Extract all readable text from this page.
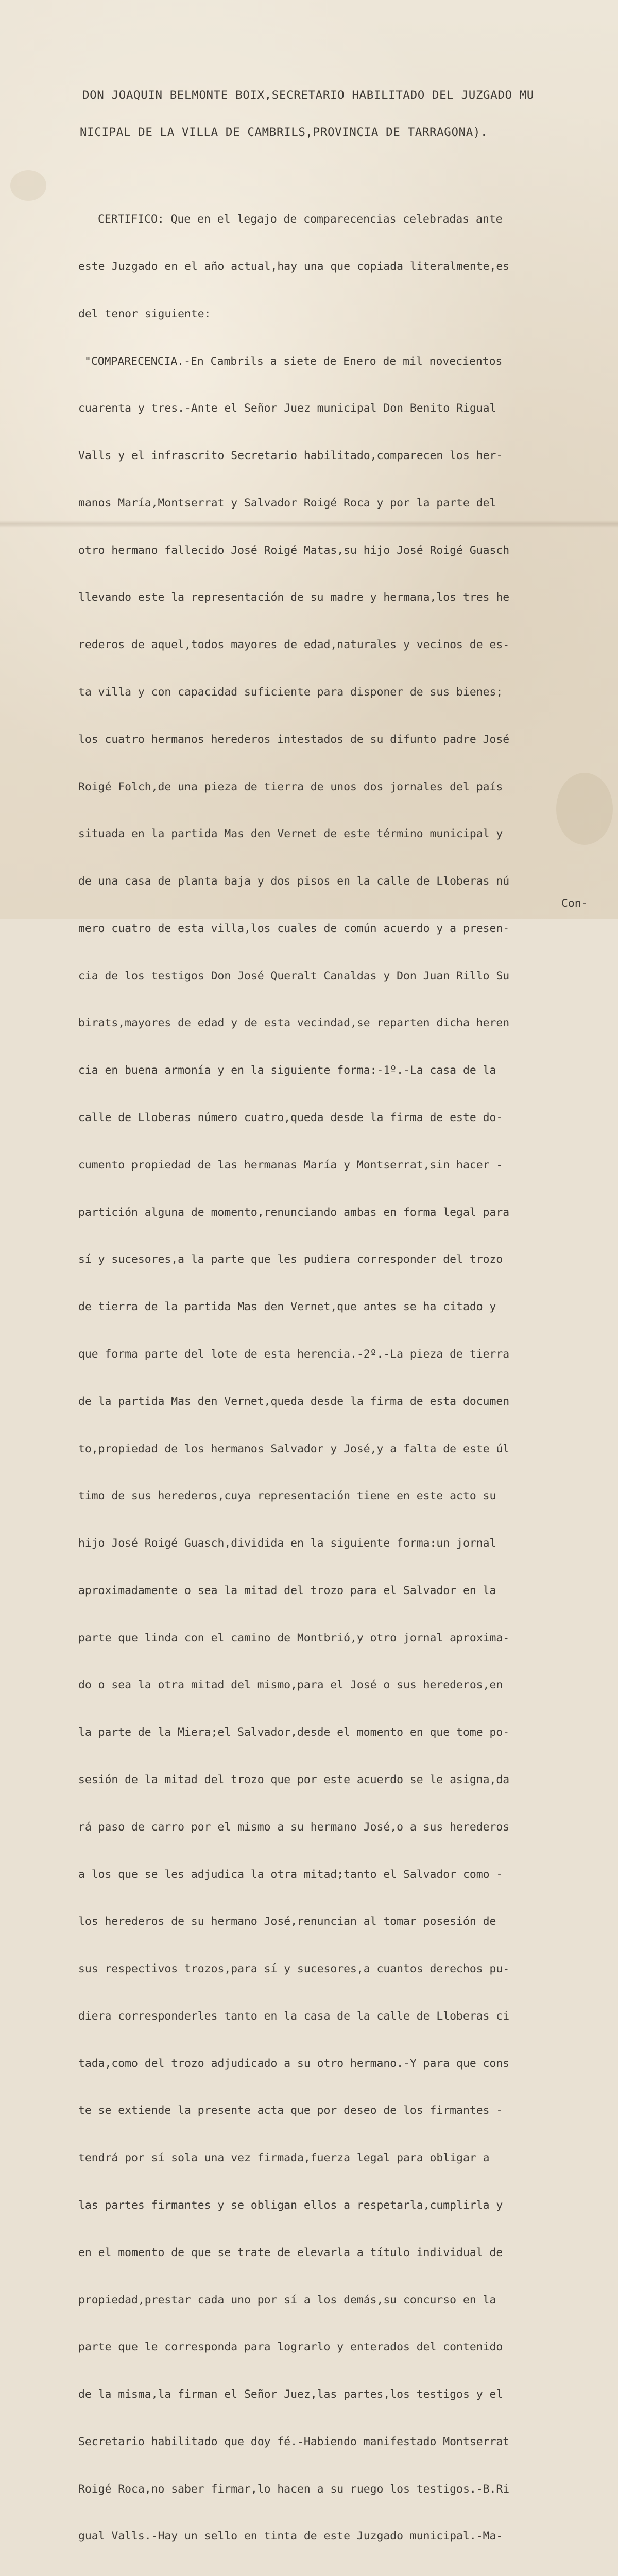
DON JOAQUIN BELMONTE BOIX,SECRETARIO HABILITADO DEL JUZGADO MU
NICIPAL DE LA VILLA DE CAMBRILS,PROVINCIA DE TARRAGONA).

CERTIFICO: Que en el legajo de comparecencias celebradas ante

este Juzgado en el año actual,hay una que copiada literalmente,es

del tenor siguiente:

"COMPARECENCIA.-En Cambrils a siete de Enero de mil novecientos

cuarenta y tres.-Ante el Señor Juez municipal Don Benito Rigual

Valls y el infrascrito Secretario habilitado,comparecen los her-

manos María,Montserrat y Salvador Roigé Roca y por la parte del

otro hermano fallecido José Roigé Matas,su hijo José Roigé Guasch

llevando este la representación de su madre y hermana,los tres he

rederos de aquel,todos mayores de edad,naturales y vecinos de es-

ta villa y con capacidad suficiente para disponer de sus bienes;

los cuatro hermanos herederos intestados de su difunto padre José

Roigé Folch,de una pieza de tierra de unos dos jornales del país

situada en la partida Mas den Vernet de este término municipal y

de una casa de planta baja y dos pisos en la calle de Lloberas nú

mero cuatro de esta villa,los cuales de común acuerdo y a presen-

cia de los testigos Don José Queralt Canaldas y Don Juan Rillo Su

birats,mayores de edad y de esta vecindad,se reparten dicha heren

cia en buena armonía y en la siguiente forma:-1º.-La casa de la

calle de Lloberas número cuatro,queda desde la firma de este do-

cumento propiedad de las hermanas María y Montserrat,sin hacer -

partición alguna de momento,renunciando ambas en forma legal para

sí y sucesores,a la parte que les pudiera corresponder del trozo

de tierra de la partida Mas den Vernet,que antes se ha citado y

que forma parte del lote de esta herencia.-2º.-La pieza de tierra

de la partida Mas den Vernet,queda desde la firma de esta documen

to,propiedad de los hermanos Salvador y José,y a falta de este úl

timo de sus herederos,cuya representación tiene en este acto su

hijo José Roigé Guasch,dividida en la siguiente forma:un jornal

aproximadamente o sea la mitad del trozo para el Salvador en la

parte que linda con el camino de Montbrió,y otro jornal aproxima-

do o sea la otra mitad del mismo,para el José o sus herederos,en

la parte de la Miera;el Salvador,desde el momento en que tome po-

sesión de la mitad del trozo que por este acuerdo se le asigna,da

rá paso de carro por el mismo a su hermano José,o a sus herederos

a los que se les adjudica la otra mitad;tanto el Salvador como -

los herederos de su hermano José,renuncian al tomar posesión de

sus respectivos trozos,para sí y sucesores,a cuantos derechos pu-

diera corresponderles tanto en la casa de la calle de Lloberas ci

tada,como del trozo adjudicado a su otro hermano.-Y para que cons

te se extiende la presente acta que por deseo de los firmantes -

tendrá por sí sola una vez firmada,fuerza legal para obligar a

las partes firmantes y se obligan ellos a respetarla,cumplirla y

en el momento de que se trate de elevarla a título individual de

propiedad,prestar cada uno por sí a los demás,su concurso en la

parte que le corresponda para lograrlo y enterados del contenido

de la misma,la firman el Señor Juez,las partes,los testigos y el

Secretario habilitado que doy fé.-Habiendo manifestado Montserrat

Roigé Roca,no saber firmar,lo hacen a su ruego los testigos.-B.Ri

gual Valls.-Hay un sello en tinta de este Juzgado municipal.-Ma-

Con-
